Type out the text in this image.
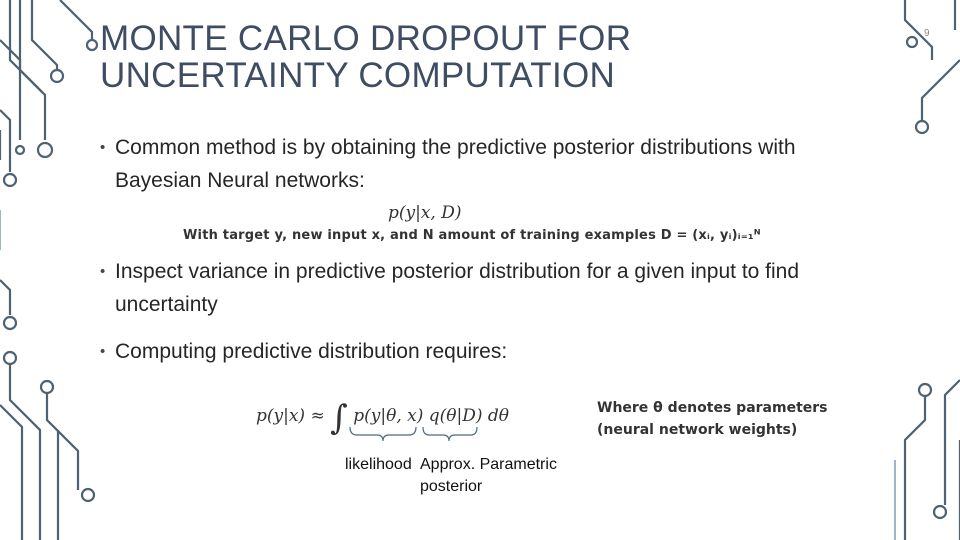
MONTE CARLO DROPOUT FOR UNCERTAINTY COMPUTATION
9
• Common method is by obtaining the predictive posterior distributions with Bayesian Neural networks:
p(y|x, D)
With target y, new input x, and N amount of training examples D = (xᵢ, yᵢ)ᵢ₌₁ᴺ
• Inspect variance in predictive posterior distribution for a given input to find uncertainty
• Computing predictive distribution requires:
p(y|x) ≈ ∫ p(y|θ, x) q(θ|D) dθ	Where θ denotes parameters (neural network weights)
likelihood Approx. Parametric posterior
